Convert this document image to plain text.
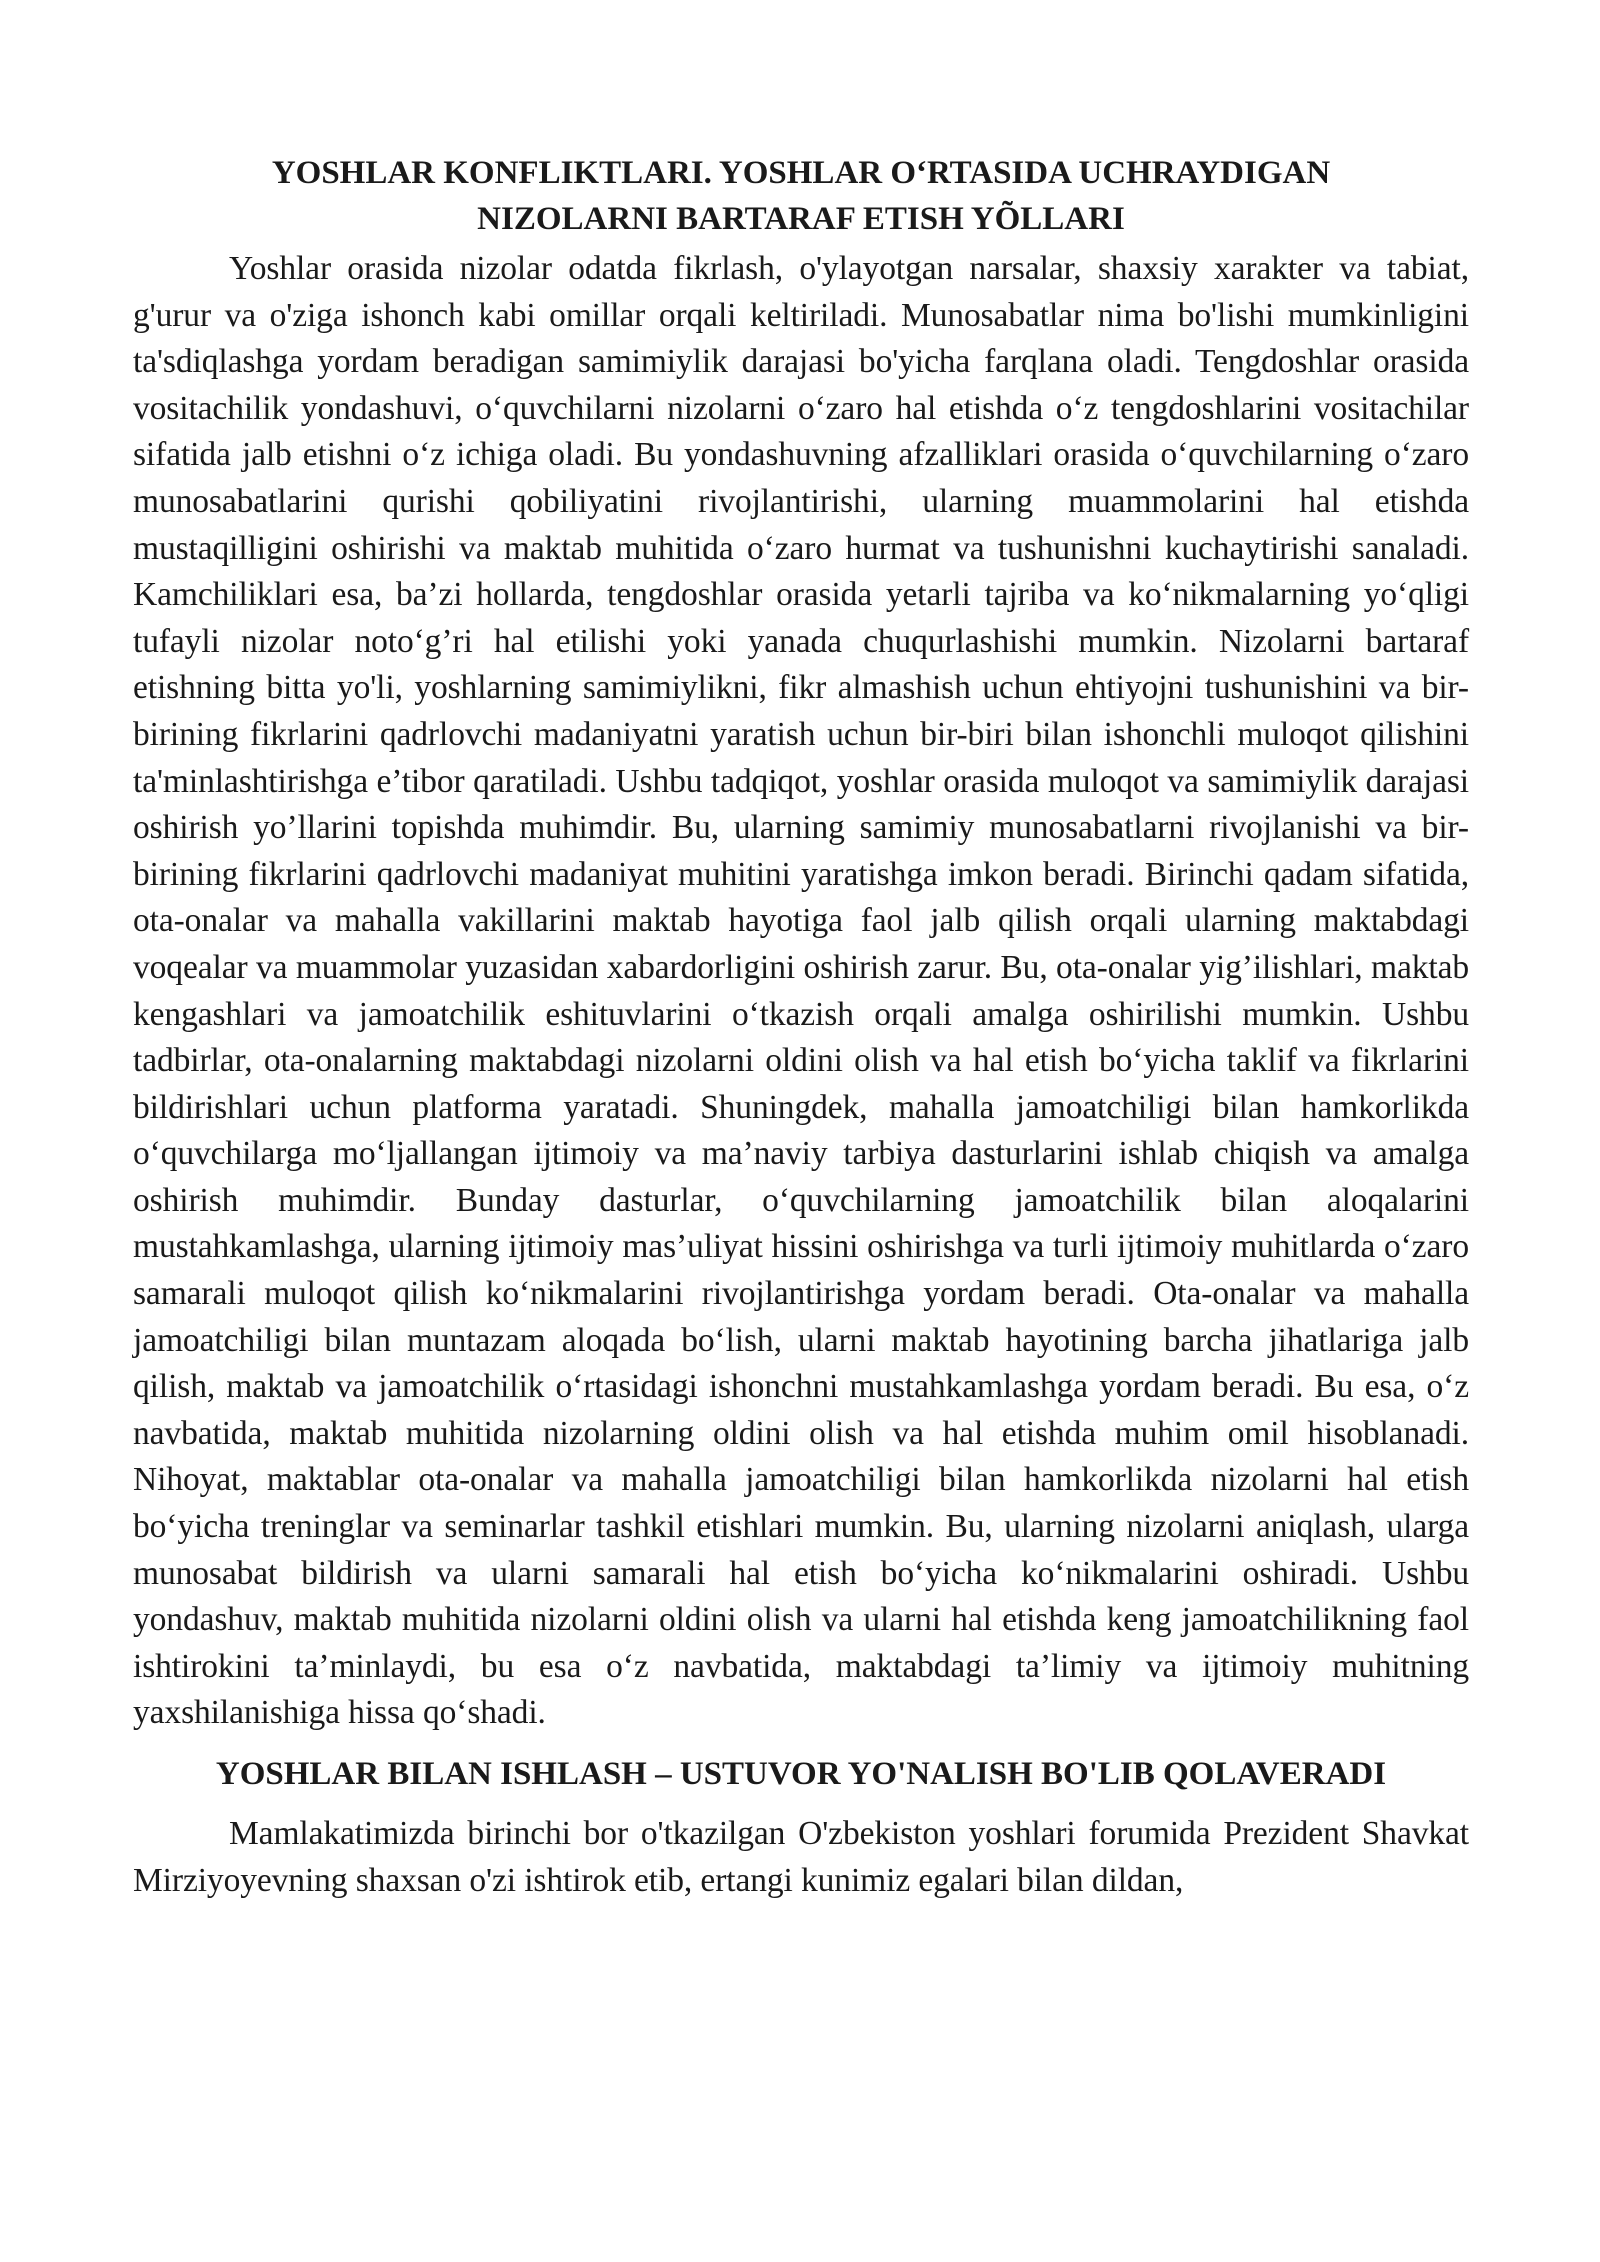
YOSHLAR KONFLIKTLARI. YOSHLAR O‘RTASIDA UCHRAYDIGAN
NIZOLARNI BARTARAF ETISH YÕLLARI

Yoshlar orasida nizolar odatda fikrlash, o'ylayotgan narsalar, shaxsiy xarakter va tabiat, g'urur va o'ziga ishonch kabi omillar orqali keltiriladi. Munosabatlar nima bo'lishi mumkinligini ta'sdiqlashga yordam beradigan samimiylik darajasi bo'yicha farqlana oladi. Tengdoshlar orasida vositachilik yondashuvi, o‘quvchilarni nizolarni o‘zaro hal etishda o‘z tengdoshlarini vositachilar sifatida jalb etishni o‘z ichiga oladi. Bu yondashuvning afzalliklari orasida o‘quvchilarning o‘zaro munosabatlarini qurishi qobiliyatini rivojlantirishi, ularning muammolarini hal etishda mustaqilligini oshirishi va maktab muhitida o‘zaro hurmat va tushunishni kuchaytirishi sanaladi. Kamchiliklari esa, ba’zi hollarda, tengdoshlar orasida yetarli tajriba va ko‘nikmalarning yo‘qligi tufayli nizolar noto‘g’ri hal etilishi yoki yanada chuqurlashishi mumkin. Nizolarni bartaraf etishning bitta yo'li, yoshlarning samimiylikni, fikr almashish uchun ehtiyojni tushunishini va bir-birining fikrlarini qadrlovchi madaniyatni yaratish uchun bir-biri bilan ishonchli muloqot qilishini ta'minlashtirishga e’tibor qaratiladi. Ushbu tadqiqot, yoshlar orasida muloqot va samimiylik darajasi oshirish yo’llarini topishda muhimdir. Bu, ularning samimiy munosabatlarni rivojlanishi va bir-birining fikrlarini qadrlovchi madaniyat muhitini yaratishga imkon beradi. Birinchi qadam sifatida, ota-onalar va mahalla vakillarini maktab hayotiga faol jalb qilish orqali ularning maktabdagi voqealar va muammolar yuzasidan xabardorligini oshirish zarur. Bu, ota-onalar yig’ilishlari, maktab kengashlari va jamoatchilik eshituvlarini o‘tkazish orqali amalga oshirilishi mumkin. Ushbu tadbirlar, ota-onalarning maktabdagi nizolarni oldini olish va hal etish bo‘yicha taklif va fikrlarini bildirishlari uchun platforma yaratadi. Shuningdek, mahalla jamoatchiligi bilan hamkorlikda o‘quvchilarga mo‘ljallangan ijtimoiy va ma’naviy tarbiya dasturlarini ishlab chiqish va amalga oshirish muhimdir. Bunday dasturlar, o‘quvchilarning jamoatchilik bilan aloqalarini mustahkamlashga, ularning ijtimoiy mas’uliyat hissini oshirishga va turli ijtimoiy muhitlarda o‘zaro samarali muloqot qilish ko‘nikmalarini rivojlantirishga yordam beradi. Ota-onalar va mahalla jamoatchiligi bilan muntazam aloqada bo‘lish, ularni maktab hayotining barcha jihatlariga jalb qilish, maktab va jamoatchilik o‘rtasidagi ishonchni mustahkamlashga yordam beradi. Bu esa, o‘z navbatida, maktab muhitida nizolarning oldini olish va hal etishda muhim omil hisoblanadi. Nihoyat, maktablar ota-onalar va mahalla jamoatchiligi bilan hamkorlikda nizolarni hal etish bo‘yicha treninglar va seminarlar tashkil etishlari mumkin. Bu, ularning nizolarni aniqlash, ularga munosabat bildirish va ularni samarali hal etish bo‘yicha ko‘nikmalarini oshiradi. Ushbu yondashuv, maktab muhitida nizolarni oldini olish va ularni hal etishda keng jamoatchilikning faol ishtirokini ta’minlaydi, bu esa o‘z navbatida, maktabdagi ta’limiy va ijtimoiy muhitning yaxshilanishiga hissa qo‘shadi.

YOSHLAR BILAN ISHLASH – USTUVOR YO'NALISH BO'LIB QOLAVERADI

Mamlakatimizda birinchi bor o'tkazilgan O'zbekiston yoshlari forumida Prezident Shavkat Mirziyoyevning shaxsan o'zi ishtirok etib, ertangi kunimiz egalari bilan dildan,
